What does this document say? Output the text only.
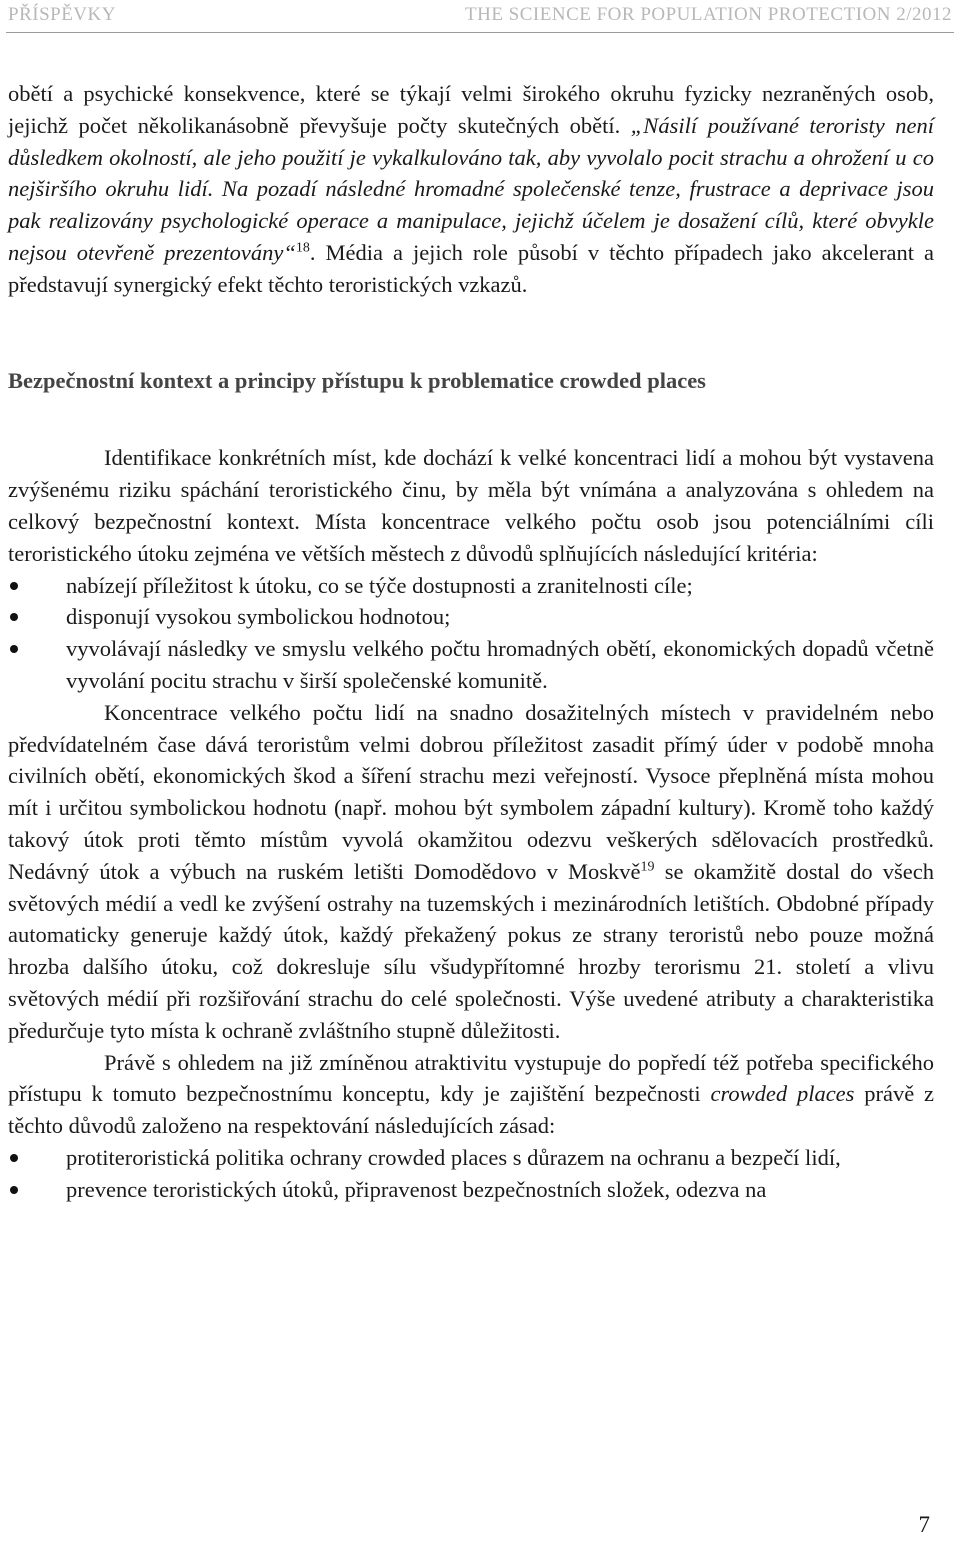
PŘÍSPĚVKY	THE SCIENCE FOR POPULATION PROTECTION 2/2012

obětí a psychické konsekvence, které se týkají velmi širokého okruhu fyzicky nezraněných osob, jejichž počet několikanásobně převyšuje počty skutečných obětí. „Násilí používané teroristy není důsledkem okolností, ale jeho použití je vykalkulováno tak, aby vyvolalo pocit strachu a ohrožení u co nejširšího okruhu lidí. Na pozadí následné hromadné společenské tenze, frustrace a deprivace jsou pak realizovány psychologické operace a manipulace, jejichž účelem je dosažení cílů, které obvykle nejsou otevřeně prezentovány“$^{18}$. Média a jejich role působí v těchto případech jako akcelerant a představují synergický efekt těchto teroristických vzkazů.

Bezpečnostní kontext a principy přístupu k problematice crowded places

Identifikace konkrétních míst, kde dochází k velké koncentraci lidí a mohou být vystavena zvýšenému riziku spáchání teroristického činu, by měla být vnímána a analyzována s ohledem na celkový bezpečnostní kontext. Místa koncentrace velkého počtu osob jsou potenciálními cíli teroristického útoku zejména ve větších městech z důvodů splňujících následující kritéria:

nabízejí příležitost k útoku, co se týče dostupnosti a zranitelnosti cíle;
disponují vysokou symbolickou hodnotou;
vyvolávají následky ve smyslu velkého počtu hromadných obětí, ekonomických dopadů včetně vyvolání pocitu strachu v širší společenské komunitě.

Koncentrace velkého počtu lidí na snadno dosažitelných místech v pravidelném nebo předvídatelném čase dává teroristům velmi dobrou příležitost zasadit přímý úder v podobě mnoha civilních obětí, ekonomických škod a šíření strachu mezi veřejností. Vysoce přeplněná místa mohou mít i určitou symbolickou hodnotu (např. mohou být symbolem západní kultury). Kromě toho každý takový útok proti těmto místům vyvolá okamžitou odezvu veškerých sdělovacích prostředků. Nedávný útok a výbuch na ruském letišti Domodědovo v Moskvě$^{19}$ se okamžitě dostal do všech světových médií a vedl ke zvýšení ostrahy na tuzemských i mezinárodních letištích. Obdobné případy automaticky generuje každý útok, každý překažený pokus ze strany teroristů nebo pouze možná hrozba dalšího útoku, což dokresluje sílu všudypřítomné hrozby terorismu 21. století a vlivu světových médií při rozšiřování strachu do celé společnosti. Výše uvedené atributy a charakteristika předurčuje tyto místa k ochraně zvláštního stupně důležitosti.

Právě s ohledem na již zmíněnou atraktivitu vystupuje do popředí též potřeba specifického přístupu k tomuto bezpečnostnímu konceptu, kdy je zajištění bezpečnosti crowded places právě z těchto důvodů založeno na respektování následujících zásad:

protiteroristická politika ochrany crowded places s důrazem na ochranu a bezpečí lidí,
prevence teroristických útoků, připravenost bezpečnostních složek, odezva na
7
